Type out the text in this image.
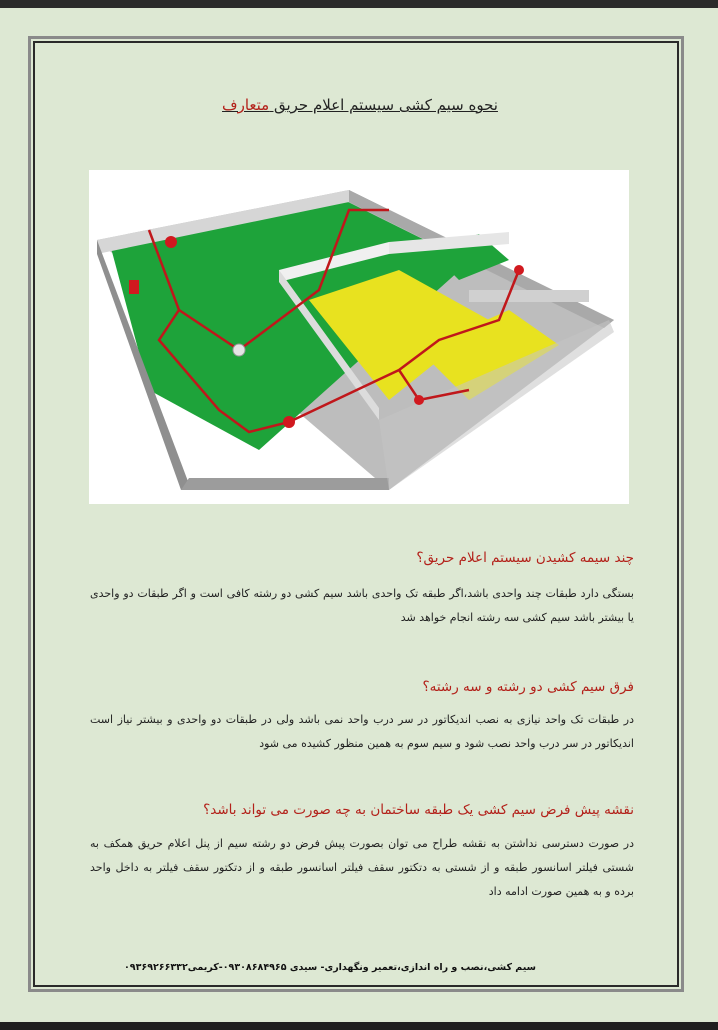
نحوه سیم کشی سیستم اعلام حریق متعارف
چند سیمه کشیدن سیستم اعلام حریق؟
بستگی دارد طبقات چند واحدی باشد،اگر طبقه تک واحدی باشد سیم کشی دو رشته کافی است و اگر طبقات دو واحدی یا بیشتر باشد سیم کشی سه رشته انجام خواهد شد
فرق سیم کشی دو رشته و سه رشته؟
در طبقات تک واحد نیازی به نصب اندیکاتور در سر درب واحد نمی باشد ولی در طبقات دو واحدی و بیشتر نیاز است اندیکاتور در سر درب واحد نصب شود و سیم سوم به همین منظور کشیده می شود
نقشه پیش فرض سیم کشی یک طبقه ساختمان به چه صورت می تواند باشد؟
در صورت دسترسی نداشتن به نقشه طراح می توان بصورت پیش فرض دو رشته سیم از پنل اعلام حریق همکف به شستی فیلتر اسانسور طبقه و از شستی به دتکتور سقف فیلتر اسانسور طبقه و از دتکتور سقف فیلتر به داخل واحد برده و به همین صورت ادامه داد
سیم کشی،نصب و راه اندازی،تعمیر ونگهداری- سیدی ۰۹۳۰۸۶۸۴۹۶۵-کریمی۰۹۳۶۹۲۶۶۳۳۲
